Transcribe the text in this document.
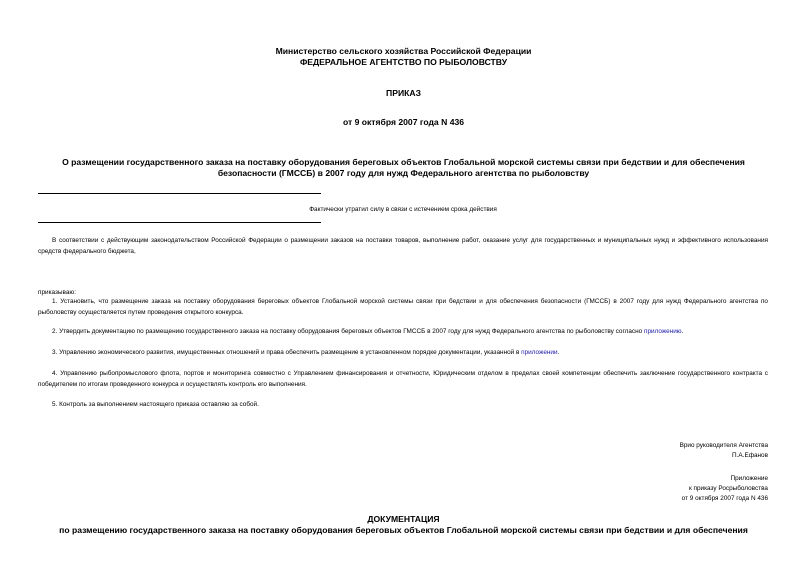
Министерство сельского хозяйства Российской Федерации
ФЕДЕРАЛЬНОЕ АГЕНТСТВО ПО РЫБОЛОВСТВУ
ПРИКАЗ
от 9 октября 2007 года N 436
О размещении государственного заказа на поставку оборудования береговых объектов Глобальной морской системы связи при бедствии и для обеспечения
безопасности (ГМССБ) в 2007 году для нужд Федерального агентства по рыболовству
Фактически утратил силу в связи с истечением срока действия
В соответствии с действующим законодательством Российской Федерации о размещении заказов на поставки товаров, выполнение работ, оказание услуг для государственных и муниципальных нужд и эффективного использования средств федерального бюджета,
приказываю:
1. Установить, что размещение заказа на поставку оборудования береговых объектов Глобальной морской системы связи при бедствии и для обеспечения безопасности (ГМССБ) в 2007 году для нужд Федерального агентства по рыболовству осуществляется путем проведения открытого конкурса.
2. Утвердить документацию по размещению государственного заказа на поставку оборудования береговых объектов ГМССБ в 2007 году для нужд Федерального агентства по рыболовству согласно приложению.
3. Управлению экономического развития, имущественных отношений и права обеспечить размещение в установленном порядке документации, указанной в приложении.
4. Управлению рыбопромыслового флота, портов и мониторинга совместно с Управлением финансирования и отчетности, Юридическим отделом в пределах своей компетенции обеспечить заключение государственного контракта с победителем по итогам проведенного конкурса и осуществлять контроль его выполнения.
5. Контроль за выполнением настоящего приказа оставляю за собой.
Врио руководителя Агентства
П.А.Ефанов
Приложение
к приказу Росрыболовства
от 9 октября 2007 года N 436
ДОКУМЕНТАЦИЯ
по размещению государственного заказа на поставку оборудования береговых объектов Глобальной морской системы связи при бедствии и для обеспечения
